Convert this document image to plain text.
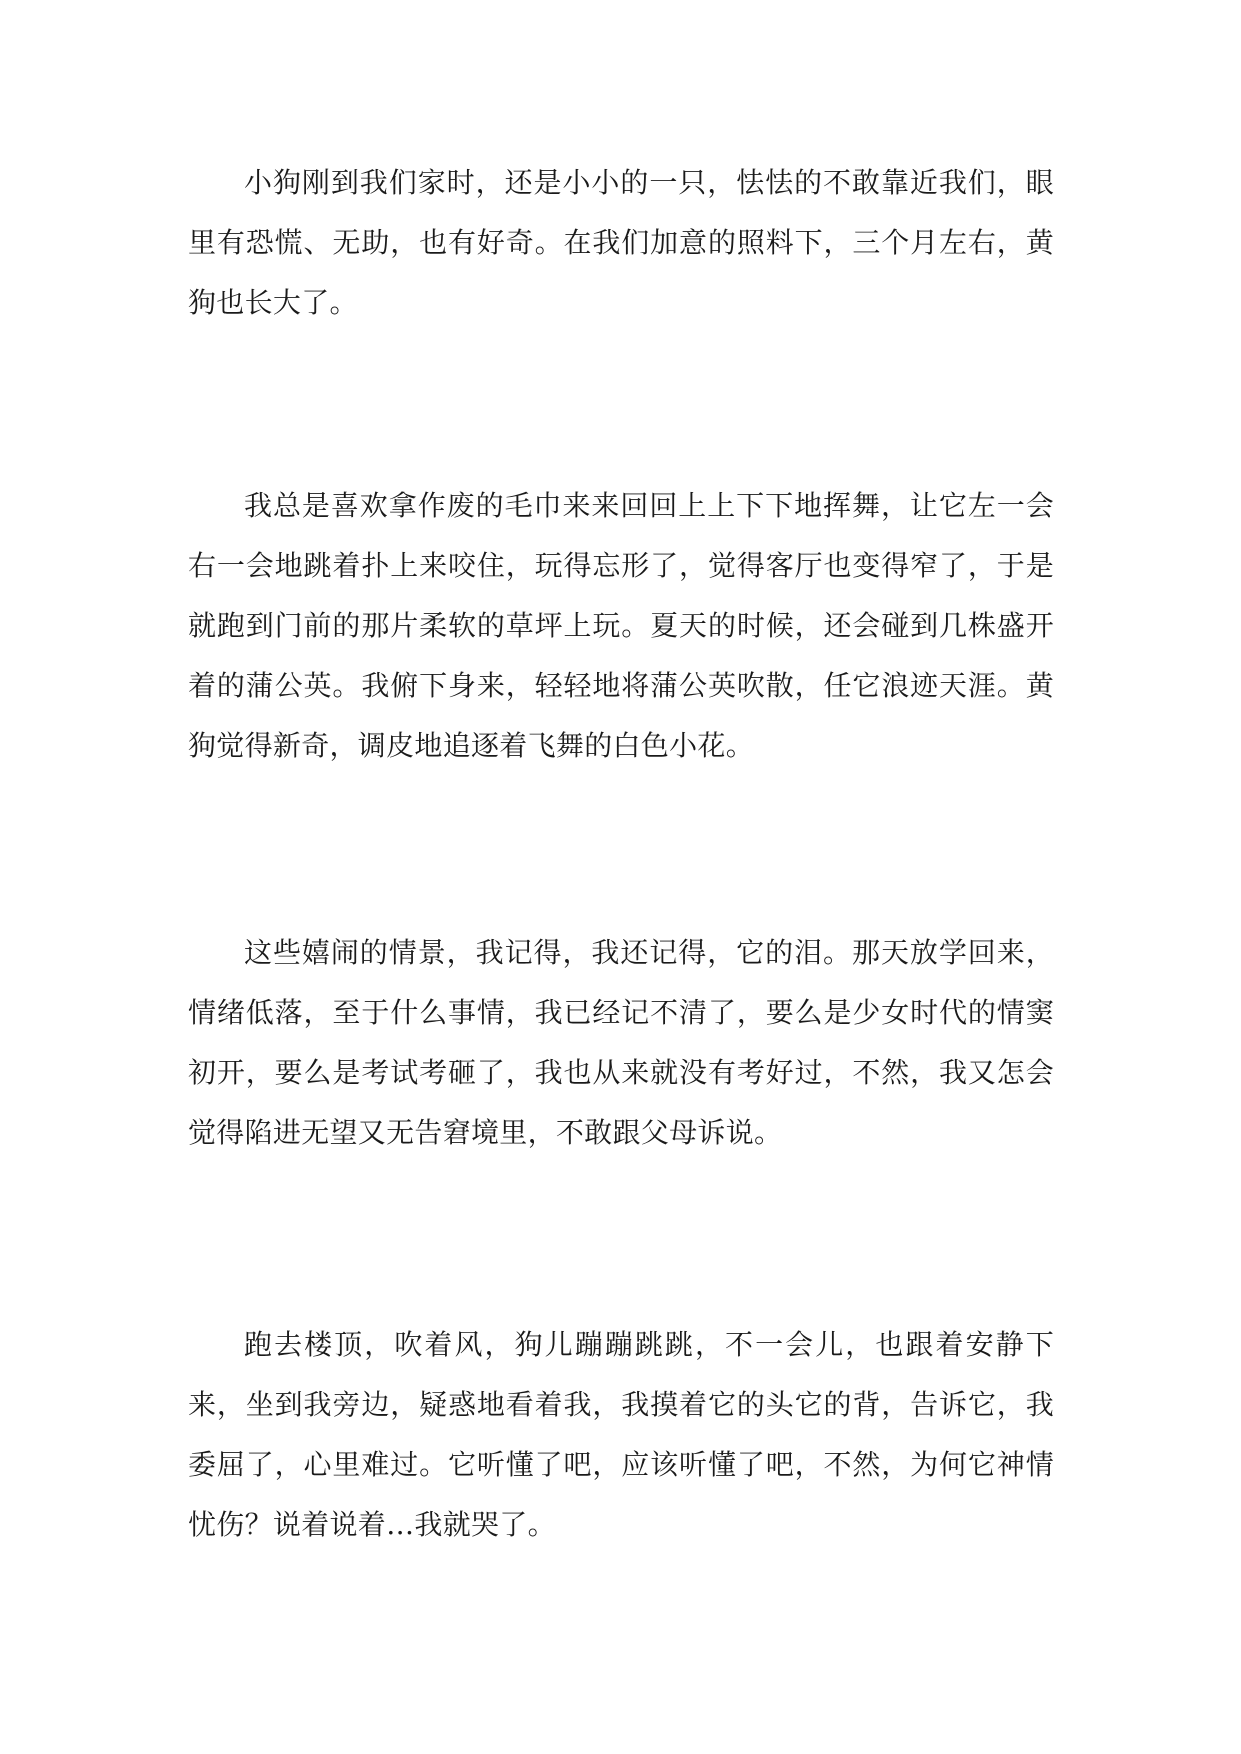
小狗刚到我们家时，还是小小的一只，怯怯的不敢靠近我们，眼里有恐慌、无助，也有好奇。在我们加意的照料下，三个月左右，黄狗也长大了。

我总是喜欢拿作废的毛巾来来回回上上下下地挥舞，让它左一会右一会地跳着扑上来咬住，玩得忘形了，觉得客厅也变得窄了，于是就跑到门前的那片柔软的草坪上玩。夏天的时候，还会碰到几株盛开着的蒲公英。我俯下身来，轻轻地将蒲公英吹散，任它浪迹天涯。黄狗觉得新奇，调皮地追逐着飞舞的白色小花。

这些嬉闹的情景，我记得，我还记得，它的泪。那天放学回来，情绪低落，至于什么事情，我已经记不清了，要么是少女时代的情窦初开，要么是考试考砸了，我也从来就没有考好过，不然，我又怎会觉得陷进无望又无告窘境里，不敢跟父母诉说。

跑去楼顶，吹着风，狗儿蹦蹦跳跳，不一会儿，也跟着安静下来，坐到我旁边，疑惑地看着我，我摸着它的头它的背，告诉它，我委屈了，心里难过。它听懂了吧，应该听懂了吧，不然，为何它神情忧伤？说着说着…我就哭了。
